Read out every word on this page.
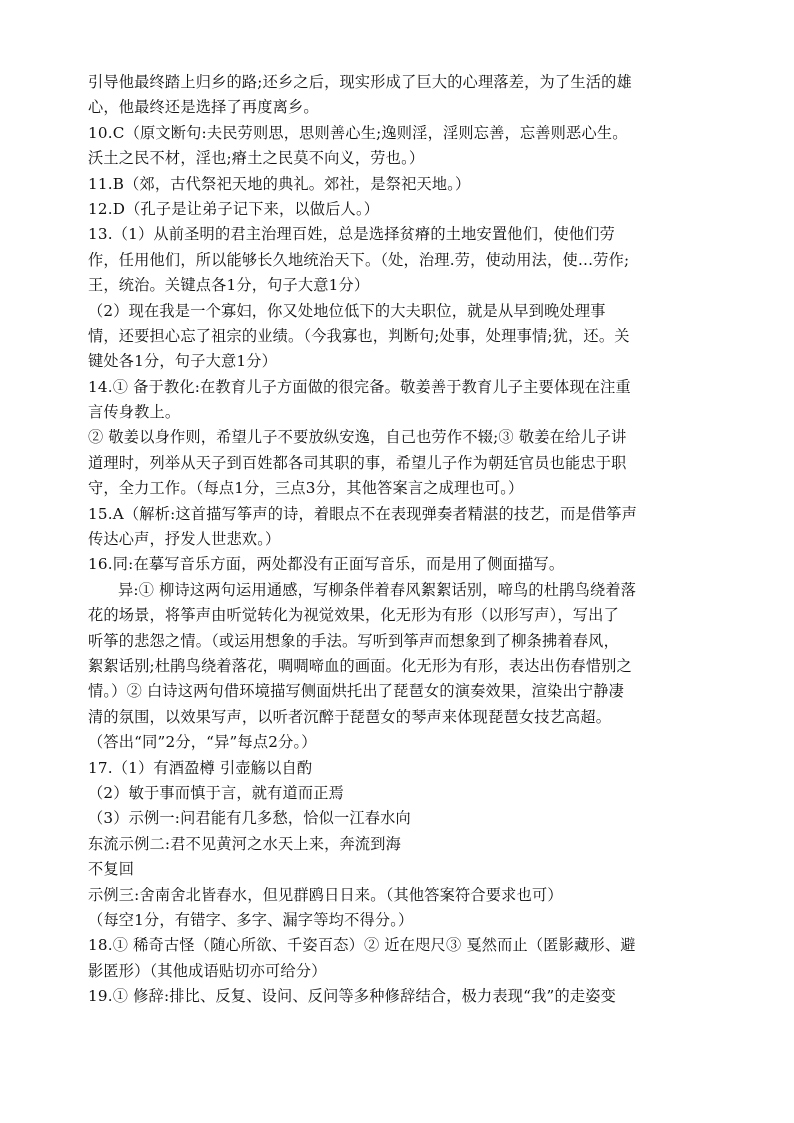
引导他最终踏上归乡的路;还乡之后，现实形成了巨大的心理落差，为了生活的雄
心，他最终还是选择了再度离乡。
10.C（原文断句:夫民劳则思，思则善心生;逸则淫，淫则忘善，忘善则恶心生。
沃土之民不材，淫也;瘠土之民莫不向义，劳也。）
11.B（郊，古代祭祀天地的典礼。郊社，是祭祀天地。）
12.D（孔子是让弟子记下来，以做后人。）
13.（1）从前圣明的君主治理百姓，总是选择贫瘠的土地安置他们，使他们劳
作，任用他们，所以能够长久地统治天下。（处，治理.劳，使动用法，使…劳作;
王，统治。关键点各1分，句子大意1分）
（2）现在我是一个寡妇，你又处地位低下的大夫职位，就是从早到晚处理事
情，还要担心忘了祖宗的业绩。（今我寡也，判断句;处事，处理事情;犹，还。关
键处各1分，句子大意1分）
14.① 备于教化:在教育儿子方面做的很完备。敬姜善于教育儿子主要体现在注重
言传身教上。
② 敬姜以身作则，希望儿子不要放纵安逸，自己也劳作不辍;③ 敬姜在给儿子讲
道理时，列举从天子到百姓都各司其职的事，希望儿子作为朝廷官员也能忠于职
守，全力工作。（每点1分，三点3分，其他答案言之成理也可。）
15.A（解析:这首描写筝声的诗，着眼点不在表现弹奏者精湛的技艺，而是借筝声
传达心声，抒发人世悲欢。）
16.同:在摹写音乐方面，两处都没有正面写音乐，而是用了侧面描写。
异:① 柳诗这两句运用通感，写柳条伴着春风絮絮话别，啼鸟的杜鹃鸟绕着落
花的场景，将筝声由听觉转化为视觉效果，化无形为有形（以形写声），写出了
听筝的悲怨之情。（或运用想象的手法。写听到筝声而想象到了柳条拂着春风，
絮絮话别;杜鹃鸟绕着落花，啁啁啼血的画面。化无形为有形，表达出伤春惜别之
情。）② 白诗这两句借环境描写侧面烘托出了琵琶女的演奏效果，渲染出宁静凄
清的氛围，以效果写声，以听者沉醉于琵琶女的琴声来体现琵琶女技艺高超。
（答出“同”2分，“异”每点2分。）
17.（1）有酒盈樽 引壶觞以自酌
（2）敏于事而慎于言，就有道而正焉
（3）示例一:问君能有几多愁，恰似一江春水向
东流示例二:君不见黄河之水天上来，奔流到海
不复回
示例三:舍南舍北皆春水，但见群鸥日日来。（其他答案符合要求也可）
（每空1分，有错字、多字、漏字等均不得分。）
18.① 稀奇古怪（随心所欲、千姿百态）② 近在咫尺③ 戛然而止（匿影藏形、避
影匿形）（其他成语贴切亦可给分）
19.① 修辞:排比、反复、设问、反问等多种修辞结合，极力表现“我”的走姿变
